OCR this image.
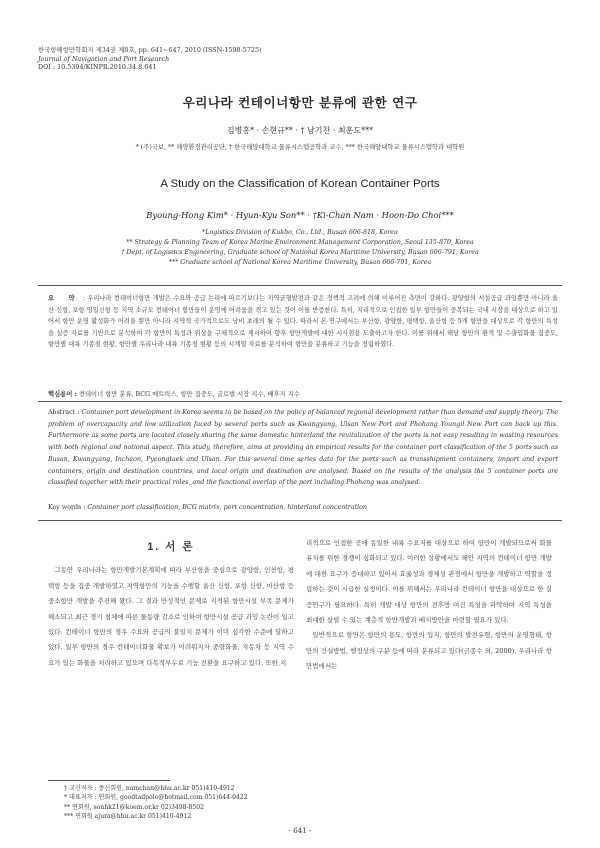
한국항해항만학회지 제34권 제8호, pp. 641~647, 2010 (ISSN-1598-5725)
Journal of Navigation and Port Research
DOI : 10.5394/KINPR.2010.34.8.641
우리나라 컨테이너항만 분류에 관한 연구
김병홍* · 손현규** · † 남기찬 · 최훈도***
* (주)국보, ** 해양환경관리공단, † 한국해양대학교 물류시스템공학과 교수, *** 한국해양대학교 물류시스템학과 대학원
A Study on the Classification of Korean Container Ports
Byoung-Hong Kim* · Hyun-Kyu Son** · †Ki-Chan Nam · Hoon-Do Choi***
*Logistics Division of Kukbo, Co., Ltd., Busan 606-818, Korea
** Strategy & Planning Team of Korea Marine Environment Management Corporation, Seoul 135-870, Korea
† Dept. of Logistics Engineering, Graduate school of National Korea Maritime University, Busan 606-791, Korea
*** Graduate school of National Korea Maritime University, Busan 606-791, Korea
요 약 : 우리나라 컨테이너항만 개발은 수요와 공급 논리에 따르기보다는 지역균형발전과 같은 정책적 고려에 의해 이루어진 측면이 강하다. 광양항의 시설공급 과잉뿐만 아니라 울산 신항, 포항 영일신항 등 지역 소규모 컨테이너 항만들이 운영에 어려움을 겪고 있는 것이 이를 반증한다. 특히, 지리적으로 인접한 일부 항만들이 중복되는 국내 시장을 대상으로 하고 있어서 항만 운영 활성화가 어려울 뿐만 아니라 지역적 국가적으로도 낭비 초래의 될 수 있다. 따라서 본 연구에서는 부산항, 광양항, 평택항, 울산항 등 5개 항만을 대상으로 각 항만의 특성을 실증 자료를 기반으로 분석하여 각 항만의 특성과 위상을 구체적으로 제시하여 향후 항만개발에 대한 시사점을 도출하고자 한다. 이를 위해서 해당 항만의 환적 및 수출입화물 집중도, 항만별 대륙 기종점 현황, 항만별 우리나라 내륙 기종점 현황 등의 시계열 자료를 분석하여 항만을 분류하고 기능을 정립하였다.
핵심용어 : 컨테이너 항만 분류, BCG 매트릭스, 항만 집중도, 글로벌 시장 지수, 배후지 지수
Abstract : Container port development in Korea seems to be based on the policy of balanced regional development rather than demand and supply theory. The problem of overcapacity and low utilization faced by several ports such as Kwangyang, Ulsan New Port and Phohang Youngil New Port can back up this. Furthermore as some ports are located closely sharing the same domestic hinterland the revitalization of the ports is not easy resulting in wasting resources with both regional and national aspect. This study, therefore, aims at providing an empirical results for the container port classification of the 5 ports such as Busan, Kwangyang, Incheon, Pyeongtaek and Ulsan. For this several time series data for the ports such as transshipment containers, import and export containers, origin and destination countries, and local origin and destination are analysed. Based on the results of the analysis the 5 container ports are classified together with their practical roles, and the functional overlap of the port including Phohang was analysed.
Key words : Container port classification, BCG matrix, port concentration, hinterland concentration
1. 서 론

그동안 우리나라는 항만개발기본계획에 따라 부산항을 중심으로 광양항, 인천항, 평택항 등을 집중 개발하였고 지역항만의 기능을 수행할 울산 신항, 포항 신항, 마산항 등 중소항만 개발을 추진해 왔다. 그 결과 만성적인 문제로 지적된 항만시설 부족 문제가 해소되고 최근 경기 침체에 따른 물동량 감소로 인하여 항만시설 공급 과잉 논란이 일고 있다. 컨테이너 항만의 경우 수요와 공급의 불일치 문제가 이미 심각한 수준에 달하고 있다. 일부 항만의 경우 컨테이너화물 확보가 어려워지자 중량화물, 자동차 등 지역 수요가 있는 화물을 처리하고 있으며 다목적부두로 기능 전환을 요구하고 있다. 또한 지

리적으로 인접한 곳에 동일한 내륙 수요지를 대상으로 하여 항만이 개발되므로써 화물 유치를 위한 경쟁이 심화되고 있다. 이러한 상황에서도 해안 지역의 컨테이너 항만 개발에 대한 요구가 증대하고 있어서 효율성과 경제성 관점에서 항만을 개발하고 역할을 정립하는 것이 시급한 실정이다. 이를 위해서는 우리나라 컨테이너 항만을 대상으로 한 실증연구가 필요하다. 특히 개발 대상 항만의 전후방 여건 특성을 파악하여 지역 특성을 최대한 살릴 수 있는 계층적 항만개발과 배치방안을 마련할 필요가 있다.

일반적으로 항만은 항만의 용도, 항만의 입지, 항만의 발전유형, 항만의 운영형태, 항만의 건설방법, 행정상의 구분 등에 따라 분류되고 있다(금종수 외, 2000). 우리나라 항만법에서는

† 교신저자 : 종신회원, namchan@hhu.ac.kr 051)410-4912
* 대표저자 : 연회원, goodtadpole@hotmail.com 051)644-0422
** 연회원, sonhk21@koem.or.kr 02)3498-8502
*** 연회원 ajura@hhu.ac.kr 051)410-4912
- 641 -
